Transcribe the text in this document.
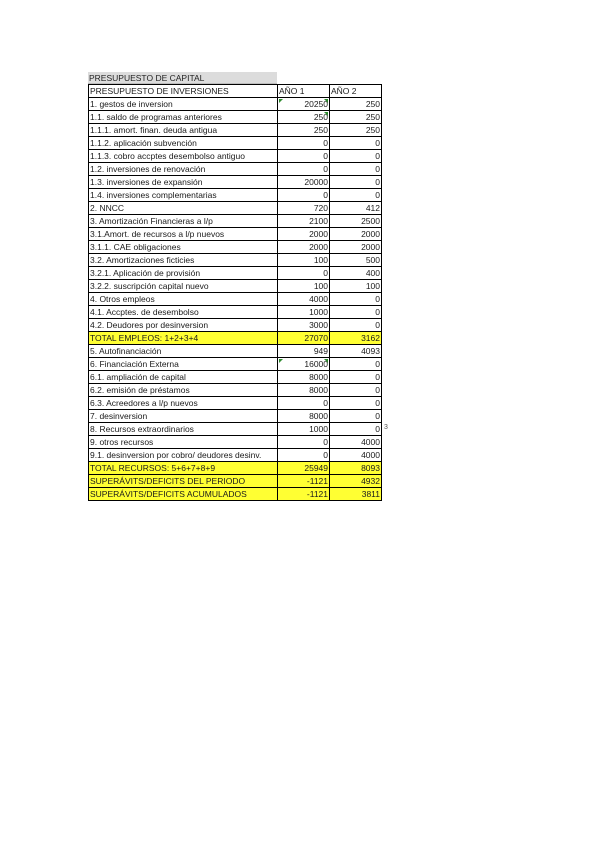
PRESUPUESTO DE CAPITAL
PRESUPUESTO DE INVERSIONES	AÑO 1	AÑO 2
1. gestos de inversion	20250	250
1.1. saldo de programas anteriores	250	250
1.1.1. amort. finan. deuda antigua	250	250
1.1.2. aplicación subvención	0	0
1.1.3. cobro accptes desembolso antiguo	0	0
1.2. inversiones de renovación	0	0
1.3. inversiones de expansión	20000	0
1.4. inversiones complementarias	0	0
2. NNCC	720	412
3. Amortización Financieras a l/p	2100	2500
3.1.Amort. de recursos a l/p nuevos	2000	2000
3.1.1. CAE obligaciones	2000	2000
3.2. Amortizaciones ficticies	100	500
3.2.1. Aplicación de provisión	0	400
3.2.2. suscripción capital nuevo	100	100
4. Otros empleos	4000	0
4.1. Accptes. de desembolso	1000	0
4.2. Deudores por desinversion	3000	0
TOTAL EMPLEOS: 1+2+3+4	27070	3162
5. Autofinanciación	949	4093
6. Financiación Externa	16000	0
6.1. ampliación de capital	8000	0
6.2. emisión de préstamos	8000	0
6.3. Acreedores a l/p nuevos	0	0
7. desinversion	8000	0
8. Recursos extraordinarios	1000	0
9. otros recursos	0	4000
9.1. desinversion por cobro/ deudores desinv.	0	4000
TOTAL RECURSOS: 5+6+7+8+9	25949	8093
SUPERÁVITS/DEFICITS DEL PERIODO	-1121	4932
SUPERÁVITS/DEFICITS ACUMULADOS	-1121	3811
3
